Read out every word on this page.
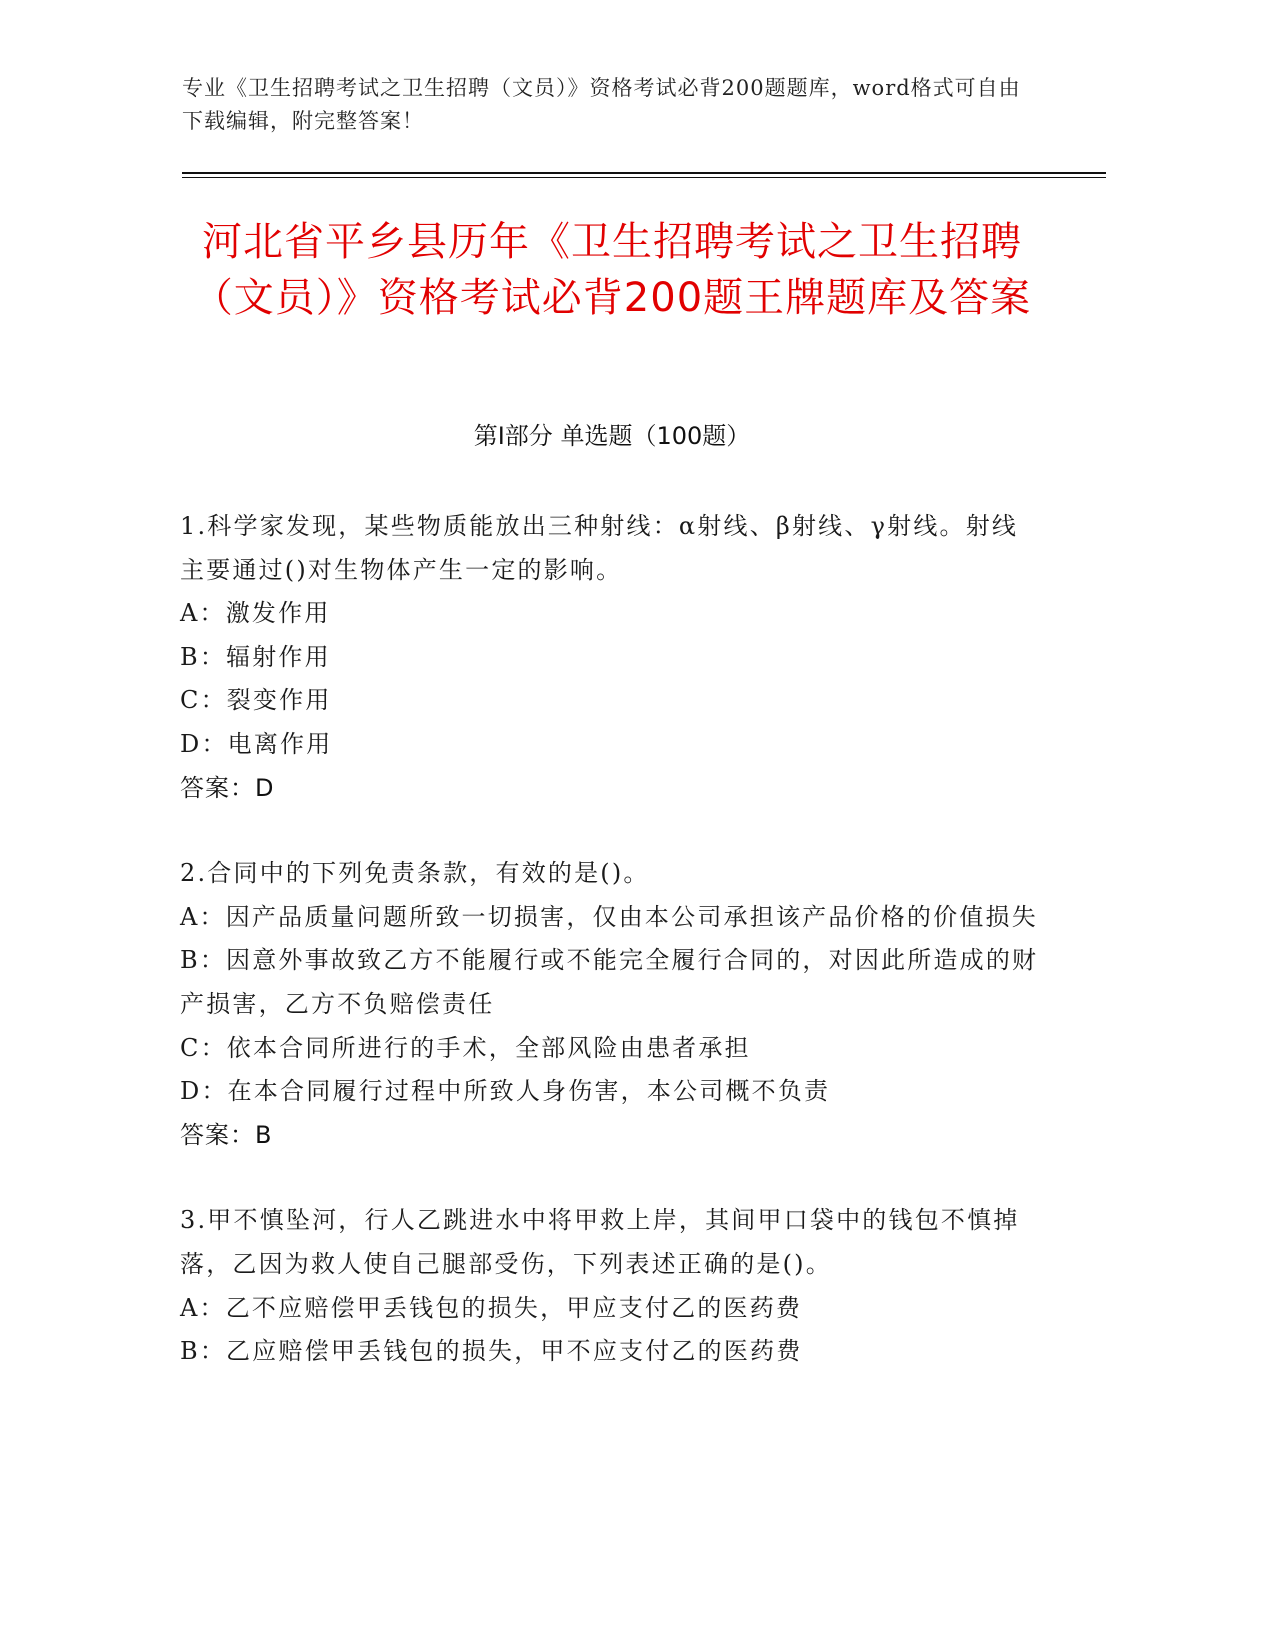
专业《卫生招聘考试之卫生招聘（文员）》资格考试必背200题题库，word格式可自由下载编辑，附完整答案！
河北省平乡县历年《卫生招聘考试之卫生招聘（文员）》资格考试必背200题王牌题库及答案
第Ⅰ部分 单选题（100题）
1.科学家发现，某些物质能放出三种射线：α射线、β射线、γ射线。射线主要通过()对生物体产生一定的影响。
A：激发作用
B：辐射作用
C：裂变作用
D：电离作用
答案：D
2.合同中的下列免责条款，有效的是()。
A：因产品质量问题所致一切损害，仅由本公司承担该产品价格的价值损失
B：因意外事故致乙方不能履行或不能完全履行合同的，对因此所造成的财产损害，乙方不负赔偿责任
C：依本合同所进行的手术，全部风险由患者承担
D：在本合同履行过程中所致人身伤害，本公司概不负责
答案：B
3.甲不慎坠河，行人乙跳进水中将甲救上岸，其间甲口袋中的钱包不慎掉落，乙因为救人使自己腿部受伤，下列表述正确的是()。
A：乙不应赔偿甲丢钱包的损失，甲应支付乙的医药费
B：乙应赔偿甲丢钱包的损失，甲不应支付乙的医药费
